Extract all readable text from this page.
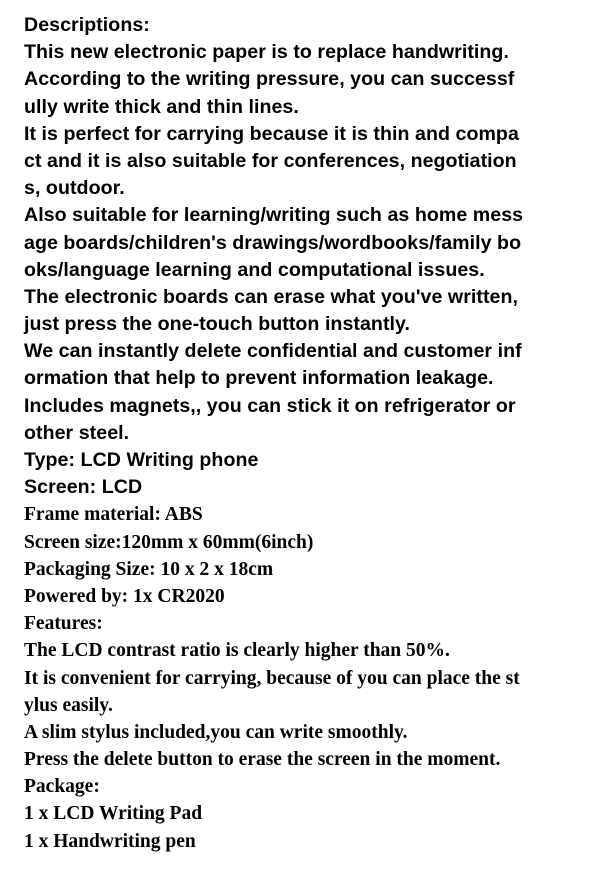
Descriptions:
This new electronic paper is to replace handwriting.
According to the writing pressure, you can successf
ully write thick and thin lines.
It is perfect for carrying because it is thin and compa
ct and it is also suitable for conferences, negotiation
s, outdoor.
Also suitable for learning/writing such as home mess
age boards/children's drawings/wordbooks/family bo
oks/language learning and computational issues.
The electronic boards can erase what you've written,
just press the one-touch button instantly.
We can instantly delete confidential and customer inf
ormation that help to prevent information leakage.
Includes magnets,, you can stick it on refrigerator or
other steel.
Type: LCD Writing phone
Screen: LCD
Frame material: ABS
Screen size:120mm x 60mm(6inch)
Packaging Size: 10 x 2 x 18cm
Powered by: 1x CR2020
Features:
The LCD contrast ratio is clearly higher than 50%.
It is convenient for carrying, because of you can place the st
ylus easily.
A slim stylus included,you can write smoothly.
Press the delete button to erase the screen in the moment.
Package:
1 x LCD Writing Pad
1 x Handwriting pen
